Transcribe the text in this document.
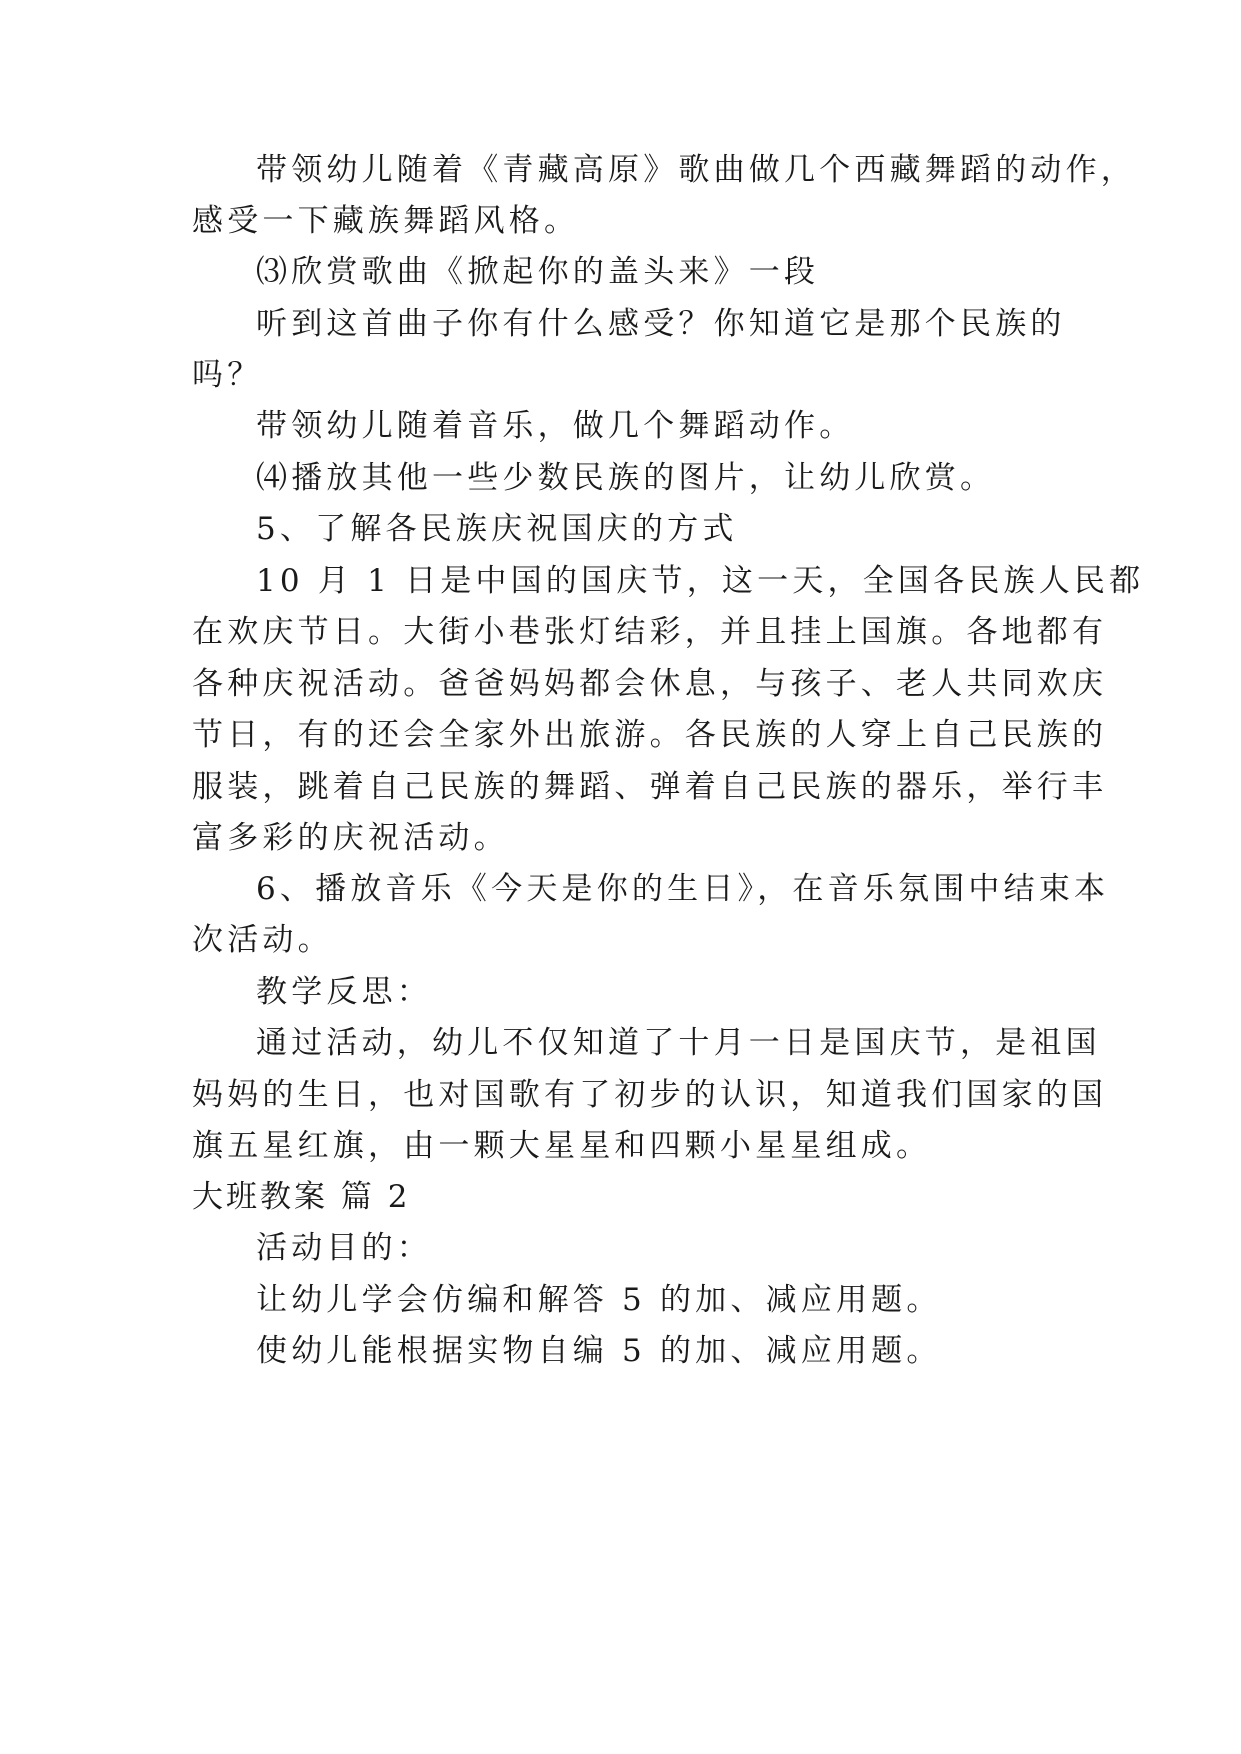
带领幼儿随着《青藏高原》歌曲做几个西藏舞蹈的动作，
感受一下藏族舞蹈风格。
⑶欣赏歌曲《掀起你的盖头来》一段
听到这首曲子你有什么感受？你知道它是那个民族的
吗？
带领幼儿随着音乐，做几个舞蹈动作。
⑷播放其他一些少数民族的图片，让幼儿欣赏。
5、了解各民族庆祝国庆的方式
10 月 1 日是中国的国庆节，这一天，全国各民族人民都
在欢庆节日。大街小巷张灯结彩，并且挂上国旗。各地都有
各种庆祝活动。爸爸妈妈都会休息，与孩子、老人共同欢庆
节日，有的还会全家外出旅游。各民族的人穿上自己民族的
服装，跳着自己民族的舞蹈、弹着自己民族的器乐，举行丰
富多彩的庆祝活动。
6、播放音乐《今天是你的生日》，在音乐氛围中结束本
次活动。
教学反思：
通过活动，幼儿不仅知道了十月一日是国庆节，是祖国
妈妈的生日，也对国歌有了初步的认识，知道我们国家的国
旗五星红旗，由一颗大星星和四颗小星星组成。
大班教案 篇 2
活动目的：
让幼儿学会仿编和解答 5 的加、减应用题。
使幼儿能根据实物自编 5 的加、减应用题。
